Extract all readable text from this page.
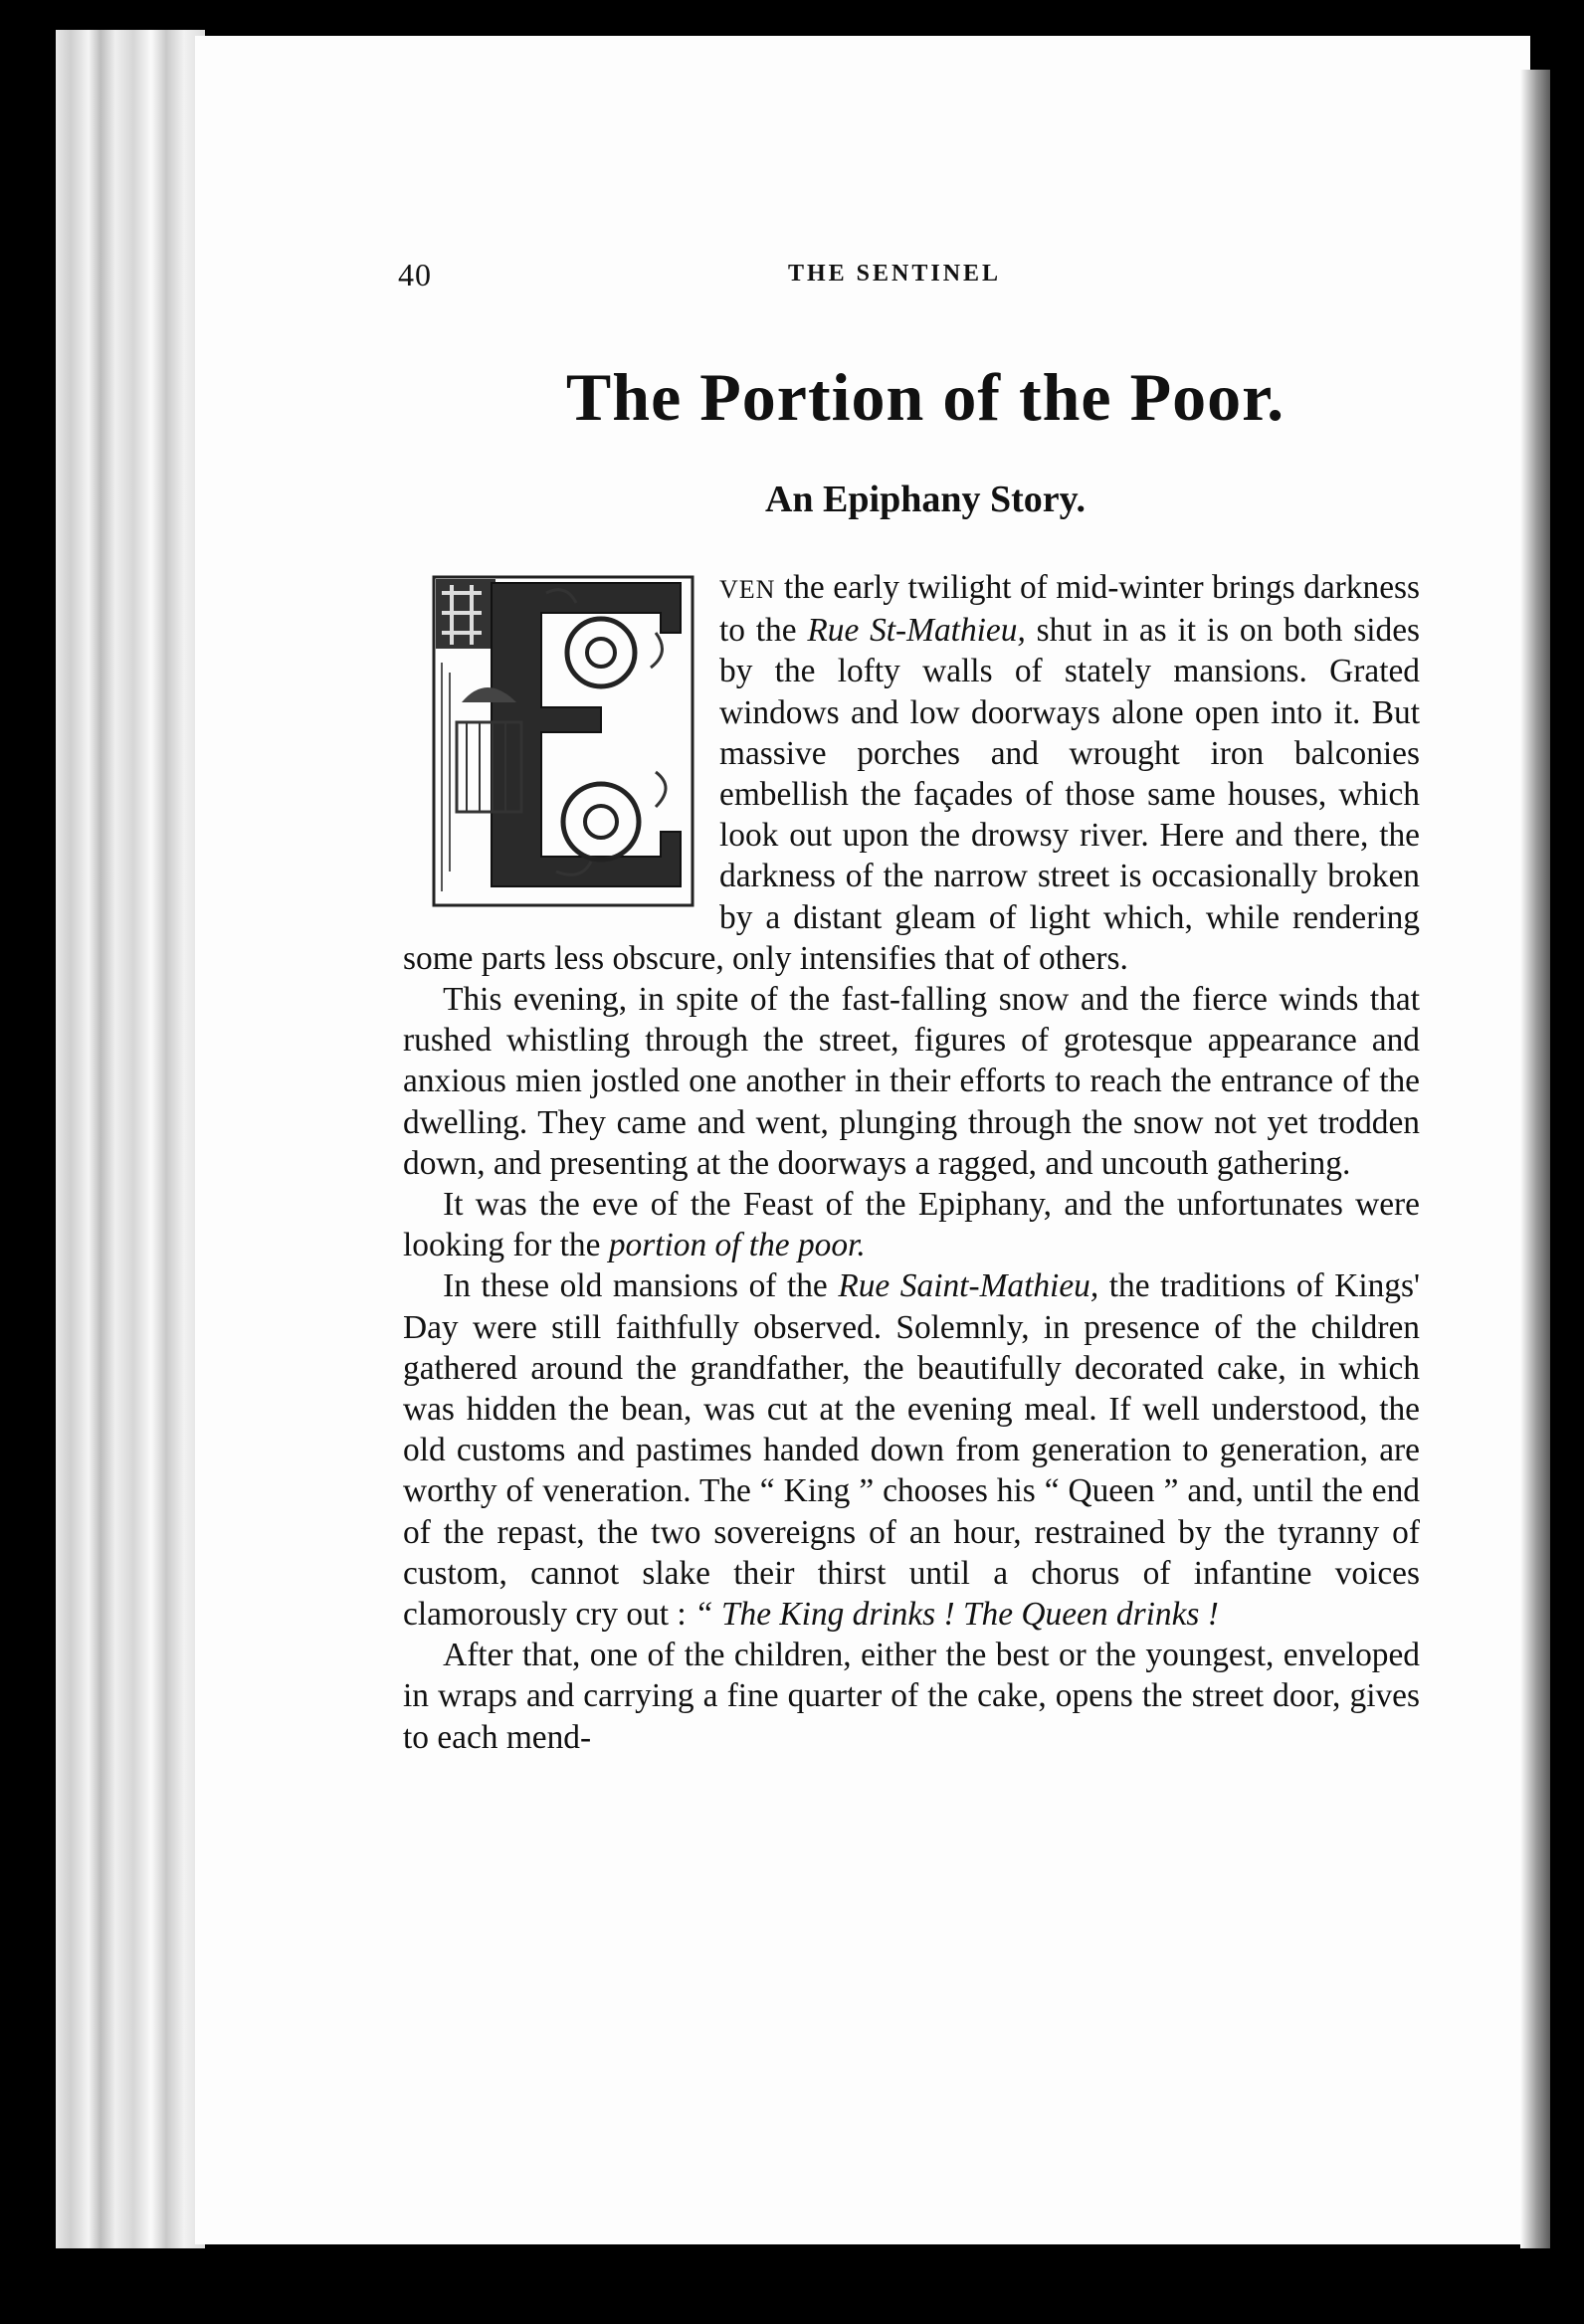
40	THE SENTINEL
The Portion of the Poor.
An Epiphany Story.

VEN the early twilight of mid-winter brings darkness to the Rue St-Mathieu, shut in as it is on both sides by the lofty walls of stately mansions. Grated windows and low doorways alone open into it. But massive porches and wrought iron balconies embellish the façades of those same houses, which look out upon the drowsy river. Here and there, the darkness of the narrow street is occasionally broken by a distant gleam of light which, while rendering some parts less obscure, only intensifies that of others.

This evening, in spite of the fast-falling snow and the fierce winds that rushed whistling through the street, figures of grotesque appearance and anxious mien jostled one another in their efforts to reach the entrance of the dwelling. They came and went, plunging through the snow not yet trodden down, and presenting at the doorways a ragged, and uncouth gathering.

It was the eve of the Feast of the Epiphany, and the unfortunates were looking for the portion of the poor.

In these old mansions of the Rue Saint-Mathieu, the traditions of Kings' Day were still faithfully observed. Solemnly, in presence of the children gathered around the grandfather, the beautifully decorated cake, in which was hidden the bean, was cut at the evening meal. If well understood, the old customs and pastimes handed down from generation to generation, are worthy of veneration. The “ King ” chooses his “ Queen ” and, until the end of the repast, the two sovereigns of an hour, restrained by the tyranny of custom, cannot slake their thirst until a chorus of infantine voices clamorously cry out : “ The King drinks ! The Queen drinks !

After that, one of the children, either the best or the youngest, enveloped in wraps and carrying a fine quarter of the cake, opens the street door, gives to each mend-
